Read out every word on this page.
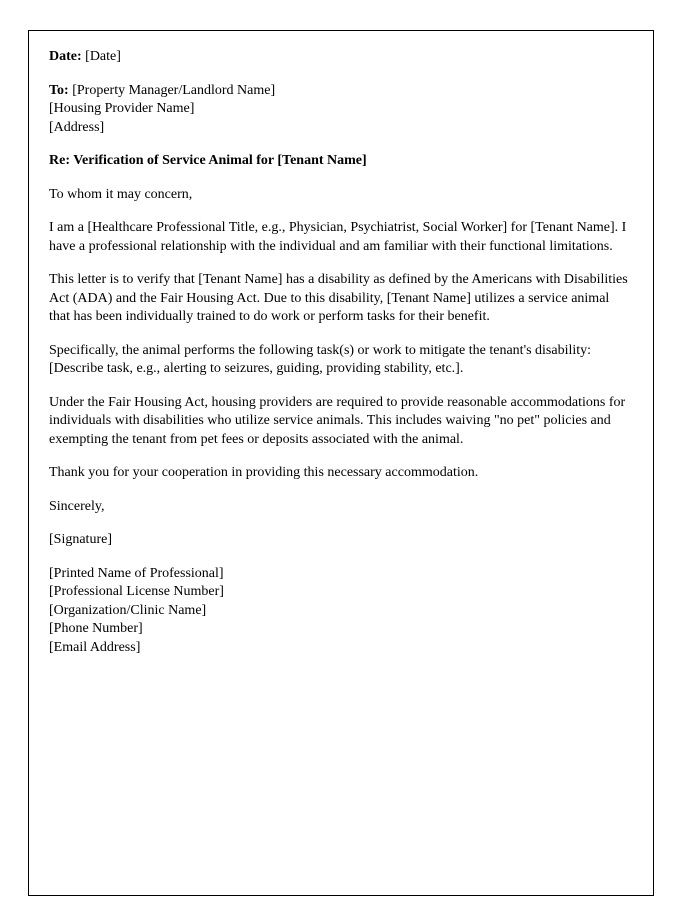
Date: [Date]
To: [Property Manager/Landlord Name]
[Housing Provider Name]
[Address]
Re: Verification of Service Animal for [Tenant Name]
To whom it may concern,
I am a [Healthcare Professional Title, e.g., Physician, Psychiatrist, Social Worker] for [Tenant Name]. I have a professional relationship with the individual and am familiar with their functional limitations.
This letter is to verify that [Tenant Name] has a disability as defined by the Americans with Disabilities Act (ADA) and the Fair Housing Act. Due to this disability, [Tenant Name] utilizes a service animal that has been individually trained to do work or perform tasks for their benefit.
Specifically, the animal performs the following task(s) or work to mitigate the tenant's disability:
[Describe task, e.g., alerting to seizures, guiding, providing stability, etc.].
Under the Fair Housing Act, housing providers are required to provide reasonable accommodations for individuals with disabilities who utilize service animals. This includes waiving "no pet" policies and exempting the tenant from pet fees or deposits associated with the animal.
Thank you for your cooperation in providing this necessary accommodation.
Sincerely,
[Signature]
[Printed Name of Professional]
[Professional License Number]
[Organization/Clinic Name]
[Phone Number]
[Email Address]
